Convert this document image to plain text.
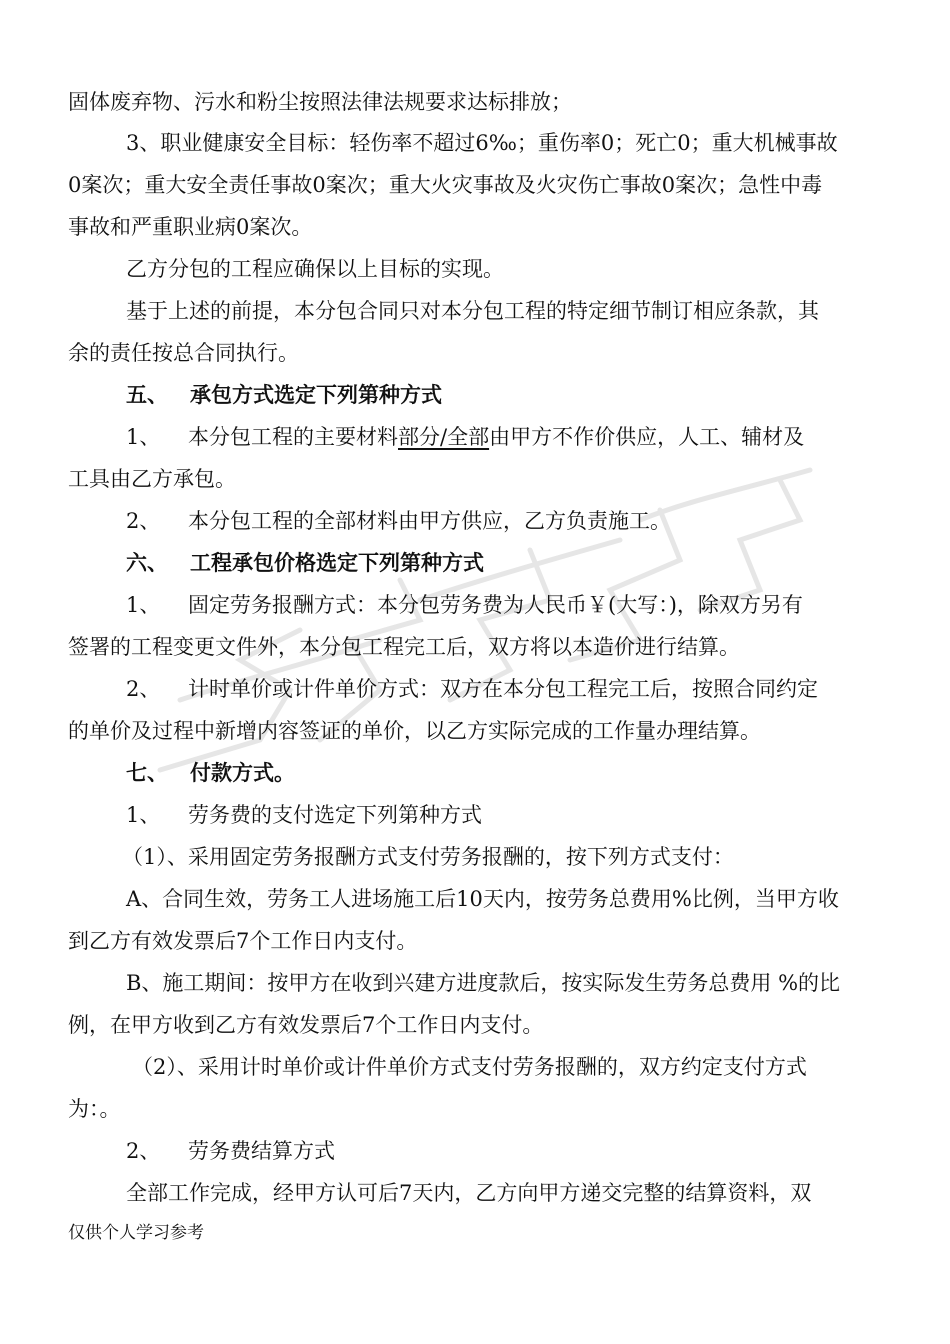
固体废弃物、污水和粉尘按照法律法规要求达标排放；
3、职业健康安全目标：轻伤率不超过6‰；重伤率0；死亡0；重大机械事故
0案次；重大安全责任事故0案次；重大火灾事故及火灾伤亡事故0案次；急性中毒
事故和严重职业病0案次。
乙方分包的工程应确保以上目标的实现。
基于上述的前提，本分包合同只对本分包工程的特定细节制订相应条款，其
余的责任按总合同执行。
五、 承包方式选定下列第种方式
1、 本分包工程的主要材料部分/全部由甲方不作价供应，人工、辅材及
工具由乙方承包。
2、 本分包工程的全部材料由甲方供应，乙方负责施工。
六、 工程承包价格选定下列第种方式
1、 固定劳务报酬方式：本分包劳务费为人民币￥(大写：)，除双方另有
签署的工程变更文件外，本分包工程完工后，双方将以本造价进行结算。
2、 计时单价或计件单价方式：双方在本分包工程完工后，按照合同约定
的单价及过程中新增内容签证的单价，以乙方实际完成的工作量办理结算。
七、 付款方式。
1、 劳务费的支付选定下列第种方式
（1）、采用固定劳务报酬方式支付劳务报酬的，按下列方式支付：
A、合同生效，劳务工人进场施工后10天内，按劳务总费用%比例，当甲方收
到乙方有效发票后7个工作日内支付。
B、施工期间：按甲方在收到兴建方进度款后，按实际发生劳务总费用 %的比
例，在甲方收到乙方有效发票后7个工作日内支付。
（2）、采用计时单价或计件单价方式支付劳务报酬的，双方约定支付方式
为：。
2、 劳务费结算方式
全部工作完成，经甲方认可后7天内，乙方向甲方递交完整的结算资料，双
仅供个人学习参考
